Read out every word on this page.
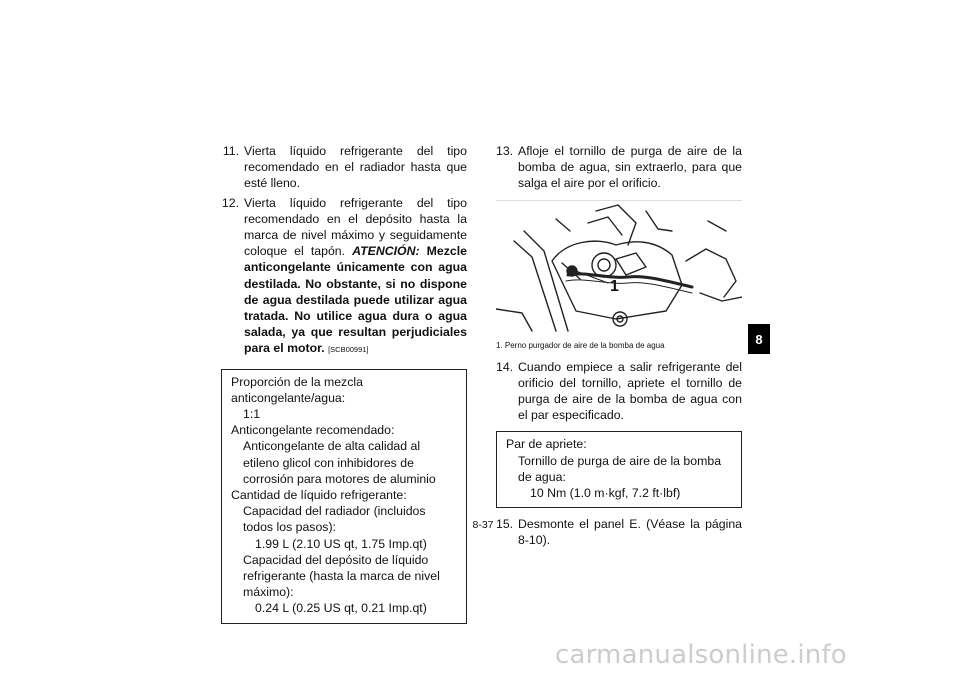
11. Vierta líquido refrigerante del tipo recomendado en el radiador hasta que esté lleno.

12. Vierta líquido refrigerante del tipo recomendado en el depósito hasta la marca de nivel máximo y seguidamente coloque el tapón. ATENCIÓN: Mezcle anticongelante únicamente con agua destilada. No obstante, si no dispone de agua destilada puede utilizar agua tratada. No utilice agua dura o agua salada, ya que resultan perjudiciales para el motor. [SCB00991]

Proporción de la mezcla anticongelante/agua:
1:1
Anticongelante recomendado:
Anticongelante de alta calidad al etileno glicol con inhibidores de corrosión para motores de aluminio
Cantidad de líquido refrigerante:
Capacidad del radiador (incluidos todos los pasos):
1.99 L (2.10 US qt, 1.75 Imp.qt)
Capacidad del depósito de líquido refrigerante (hasta la marca de nivel máximo):
0.24 L (0.25 US qt, 0.21 Imp.qt)

13. Afloje el tornillo de purga de aire de la bomba de agua, sin extraerlo, para que salga el aire por el orificio.

1
1. Perno purgador de aire de la bomba de agua

14. Cuando empiece a salir refrigerante del orificio del tornillo, apriete el tornillo de purga de aire de la bomba de agua con el par especificado.

Par de apriete:
Tornillo de purga de aire de la bomba de agua:
10 Nm (1.0 m·kgf, 7.2 ft·lbf)

15. Desmonte el panel E. (Véase la página 8-10).

8
8-37
carmanualsonline.info
